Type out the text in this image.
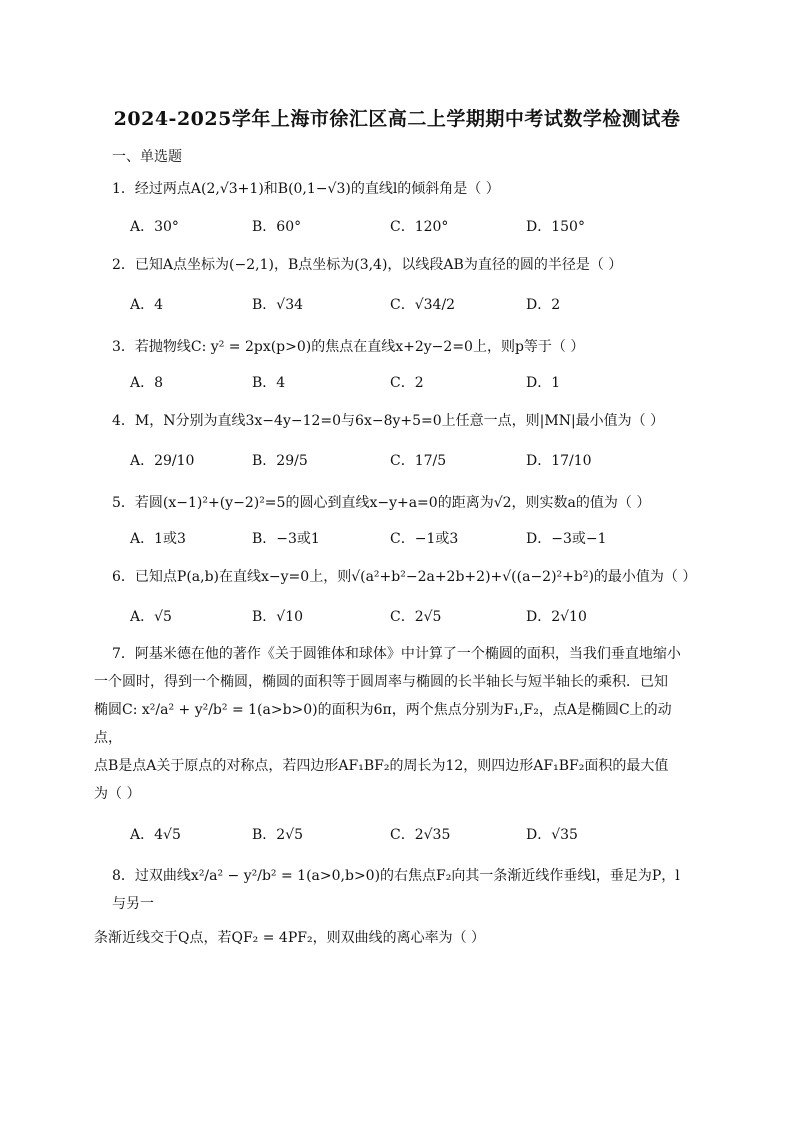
2024-2025学年上海市徐汇区高二上学期期中考试数学检测试卷
一、单选题
1．经过两点A(2,√3+1)和B(0,1−√3)的直线l的倾斜角是（ ）
A．30°	B．60°	C．120°	D．150°
2．已知A点坐标为(−2,1)，B点坐标为(3,4)，以线段AB为直径的圆的半径是（ ）
A．4	B．√34	C．√34/2	D．2
3．若抛物线C: y² = 2px(p>0)的焦点在直线x+2y−2=0上，则p等于（ ）
A．8	B．4	C．2	D．1
4．M，N分别为直线3x−4y−12=0与6x−8y+5=0上任意一点，则|MN|最小值为（ ）
A．29/10	B．29/5	C．17/5	D．17/10
5．若圆(x−1)²+(y−2)²=5的圆心到直线x−y+a=0的距离为√2，则实数a的值为（ ）
A．1或3	B．−3或1	C．−1或3	D．−3或−1
6．已知点P(a,b)在直线x−y=0上，则√(a²+b²−2a+2b+2)+√((a−2)²+b²)的最小值为（ ）
A．√5	B．√10	C．2√5	D．2√10
7．阿基米德在他的著作《关于圆锥体和球体》中计算了一个椭圆的面积，当我们垂直地缩小
一个圆时，得到一个椭圆，椭圆的面积等于圆周率与椭圆的长半轴长与短半轴长的乘积．已知
椭圆C: x²/a² + y²/b² = 1(a>b>0)的面积为6π，两个焦点分别为F₁,F₂，点A是椭圆C上的动点，
点B是点A关于原点的对称点，若四边形AF₁BF₂的周长为12，则四边形AF₁BF₂面积的最大值
为（ ）
A．4√5	B．2√5	C．2√35	D．√35
8．过双曲线x²/a² − y²/b² = 1(a>0,b>0)的右焦点F₂向其一条渐近线作垂线l，垂足为P，l与另一
条渐近线交于Q点，若QF₂ = 4PF₂，则双曲线的离心率为（ ）
